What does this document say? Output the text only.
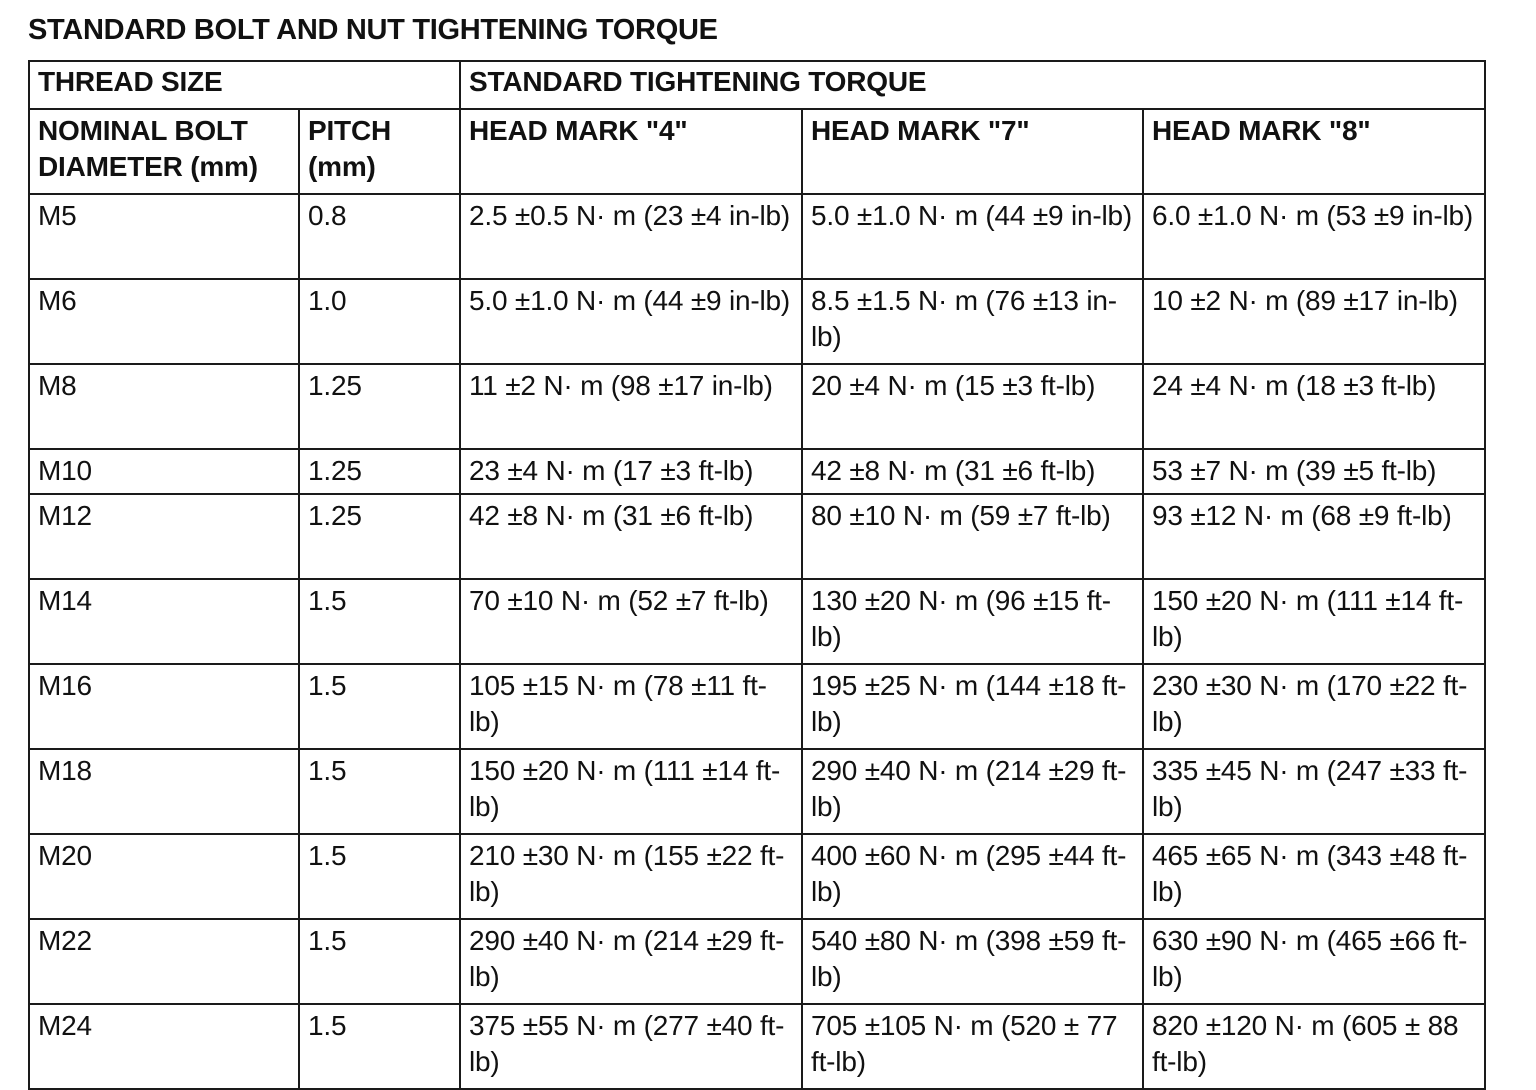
STANDARD BOLT AND NUT TIGHTENING TORQUE
THREAD SIZE		STANDARD TIGHTENING TORQUE		
NOMINAL BOLT DIAMETER (mm)	PITCH (mm)	HEAD MARK "4"	HEAD MARK "7"	HEAD MARK "8"
M5	0.8	2.5 ±0.5 N· m (23 ±4 in-lb)	5.0 ±1.0 N· m (44 ±9 in-lb)	6.0 ±1.0 N· m (53 ±9 in-lb)
M6	1.0	5.0 ±1.0 N· m (44 ±9 in-lb)	8.5 ±1.5 N· m (76 ±13 in-lb)	10 ±2 N· m (89 ±17 in-lb)
M8	1.25	11 ±2 N· m (98 ±17 in-lb)	20 ±4 N· m (15 ±3 ft-lb)	24 ±4 N· m (18 ±3 ft-lb)
M10	1.25	23 ±4 N· m (17 ±3 ft-lb)	42 ±8 N· m (31 ±6 ft-lb)	53 ±7 N· m (39 ±5 ft-lb)
M12	1.25	42 ±8 N· m (31 ±6 ft-lb)	80 ±10 N· m (59 ±7 ft-lb)	93 ±12 N· m (68 ±9 ft-lb)
M14	1.5	70 ±10 N· m (52 ±7 ft-lb)	130 ±20 N· m (96 ±15 ft-lb)	150 ±20 N· m (111 ±14 ft-lb)
M16	1.5	105 ±15 N· m (78 ±11 ft-lb)	195 ±25 N· m (144 ±18 ft-lb)	230 ±30 N· m (170 ±22 ft-lb)
M18	1.5	150 ±20 N· m (111 ±14 ft-lb)	290 ±40 N· m (214 ±29 ft-lb)	335 ±45 N· m (247 ±33 ft-lb)
M20	1.5	210 ±30 N· m (155 ±22 ft-lb)	400 ±60 N· m (295 ±44 ft-lb)	465 ±65 N· m (343 ±48 ft-lb)
M22	1.5	290 ±40 N· m (214 ±29 ft-lb)	540 ±80 N· m (398 ±59 ft-lb)	630 ±90 N· m (465 ±66 ft-lb)
M24	1.5	375 ±55 N· m (277 ±40 ft-lb)	705 ±105 N· m (520 ± 77 ft-lb)	820 ±120 N· m (605 ± 88 ft-lb)
